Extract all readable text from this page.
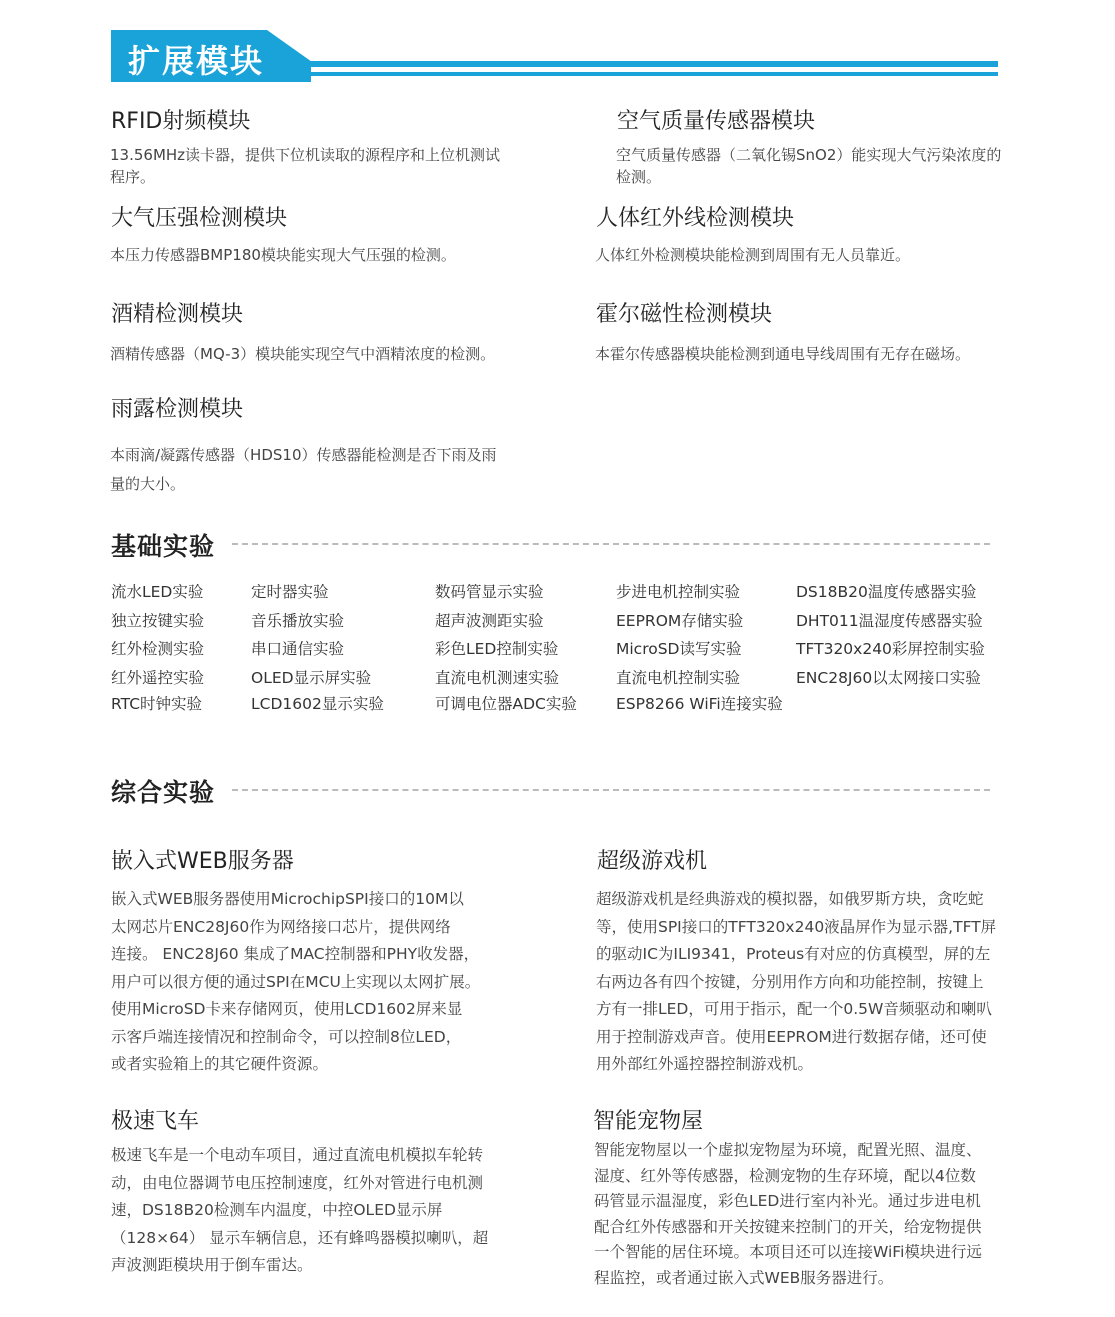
扩展模块
RFID射频模块
13.56MHz读卡器，提供下位机读取的源程序和上位机测试程序。
空气质量传感器模块
空气质量传感器（二氧化锡SnO2）能实现大气污染浓度的检测。
大气压强检测模块
本压力传感器BMP180模块能实现大气压强的检测。
人体红外线检测模块
人体红外检测模块能检测到周围有无人员靠近。
酒精检测模块
酒精传感器（MQ-3）模块能实现空气中酒精浓度的检测。
霍尔磁性检测模块
本霍尔传感器模块能检测到通电导线周围有无存在磁场。
雨露检测模块
本雨滴/凝露传感器（HDS10）传感器能检测是否下雨及雨量的大小。
基础实验
流水LED实验
独立按键实验
红外检测实验
红外遥控实验
RTC时钟实验
定时器实验
音乐播放实验
串口通信实验
OLED显示屏实验
LCD1602显示实验
数码管显示实验
超声波测距实验
彩色LED控制实验
直流电机测速实验
可调电位器ADC实验
步进电机控制实验
EEPROM存储实验
MicroSD读写实验
直流电机控制实验
ESP8266 WiFi连接实验
DS18B20温度传感器实验
DHT011温湿度传感器实验
TFT320x240彩屏控制实验
ENC28J60以太网接口实验
综合实验
嵌入式WEB服务器
嵌入式WEB服务器使用MicrochipSPI接口的10M以
太网芯片ENC28J60作为网络接口芯片，提供网络
连接。 ENC28J60 集成了MAC控制器和PHY收发器，
用户可以很方便的通过SPI在MCU上实现以太网扩展。
使用MicroSD卡来存储网页，使用LCD1602屏来显
示客戶端连接情况和控制命令，可以控制8位LED，
或者实验箱上的其它硬件资源。
超级游戏机
超级游戏机是经典游戏的模拟器，如俄罗斯方块，贪吃蛇
等，使用SPI接口的TFT320x240液晶屏作为显示器,TFT屏
的驱动IC为ILI9341，Proteus有对应的仿真模型，屏的左
右两边各有四个按键，分别用作方向和功能控制，按键上
方有一排LED，可用于指示，配一个0.5W音频驱动和喇叭
用于控制游戏声音。使用EEPROM进行数据存储，还可使
用外部红外遥控器控制游戏机。
极速飞车
极速飞车是一个电动车项目，通过直流电机模拟车轮转
动，由电位器调节电压控制速度，红外对管进行电机测
速，DS18B20检测车内温度，中控OLED显示屏
（128×64） 显示车辆信息，还有蜂鸣器模拟喇叭，超
声波测距模块用于倒车雷达。
智能宠物屋
智能宠物屋以一个虚拟宠物屋为环境，配置光照、温度、
湿度、红外等传感器，检测宠物的生存环境，配以4位数
码管显示温湿度，彩色LED进行室内补光。通过步进电机
配合红外传感器和开关按键来控制门的开关，给宠物提供
一个智能的居住环境。本项目还可以连接WiFi模块进行远
程监控，或者通过嵌入式WEB服务器进行。
